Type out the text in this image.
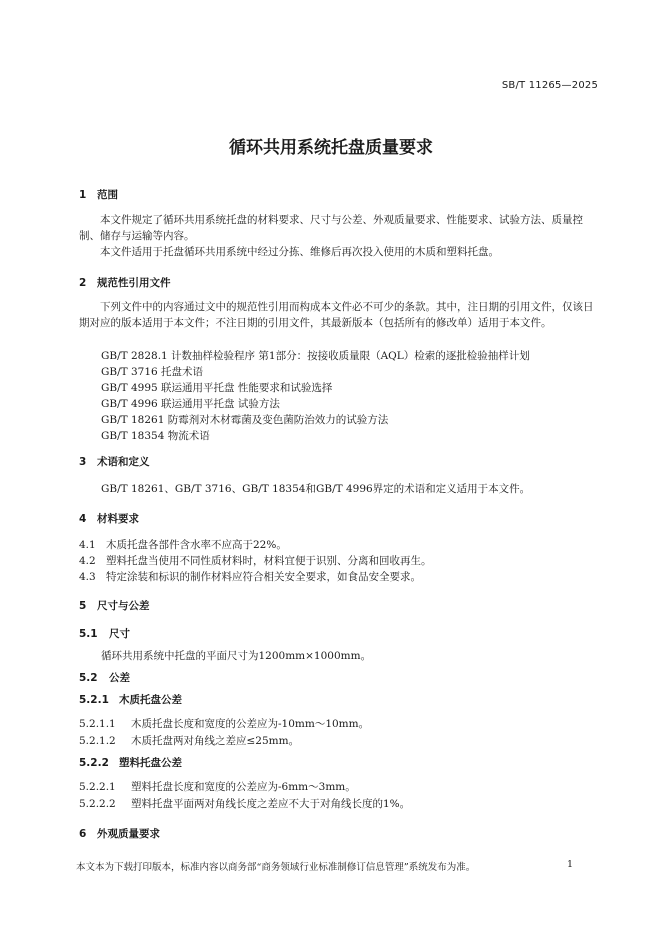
SB/T 11265—2025
循环共用系统托盘质量要求
1 范围
本文件规定了循环共用系统托盘的材料要求、尺寸与公差、外观质量要求、性能要求、试验方法、质量控制、储存与运输等内容。
本文件适用于托盘循环共用系统中经过分拣、维修后再次投入使用的木质和塑料托盘。
2 规范性引用文件
下列文件中的内容通过文中的规范性引用而构成本文件必不可少的条款。其中，注日期的引用文件，仅该日期对应的版本适用于本文件；不注日期的引用文件，其最新版本（包括所有的修改单）适用于本文件。
GB/T 2828.1 计数抽样检验程序 第1部分：按接收质量限（AQL）检索的逐批检验抽样计划
GB/T 3716 托盘术语
GB/T 4995 联运通用平托盘 性能要求和试验选择
GB/T 4996 联运通用平托盘 试验方法
GB/T 18261 防霉剂对木材霉菌及变色菌防治效力的试验方法
GB/T 18354 物流术语
3 术语和定义
GB/T 18261、GB/T 3716、GB/T 18354和GB/T 4996界定的术语和定义适用于本文件。
4 材料要求
4.1 木质托盘各部件含水率不应高于22%。
4.2 塑料托盘当使用不同性质材料时，材料宜便于识别、分离和回收再生。
4.3 特定涂装和标识的制作材料应符合相关安全要求，如食品安全要求。
5 尺寸与公差
5.1 尺寸
循环共用系统中托盘的平面尺寸为1200mm×1000mm。
5.2 公差
5.2.1 木质托盘公差
5.2.1.1 木质托盘长度和宽度的公差应为-10mm～10mm。
5.2.1.2 木质托盘两对角线之差应≤25mm。
5.2.2 塑料托盘公差
5.2.2.1 塑料托盘长度和宽度的公差应为-6mm～3mm。
5.2.2.2 塑料托盘平面两对角线长度之差应不大于对角线长度的1%。
6 外观质量要求
本文本为下载打印版本，标准内容以商务部“商务领域行业标准制修订信息管理”系统发布为准。	1
